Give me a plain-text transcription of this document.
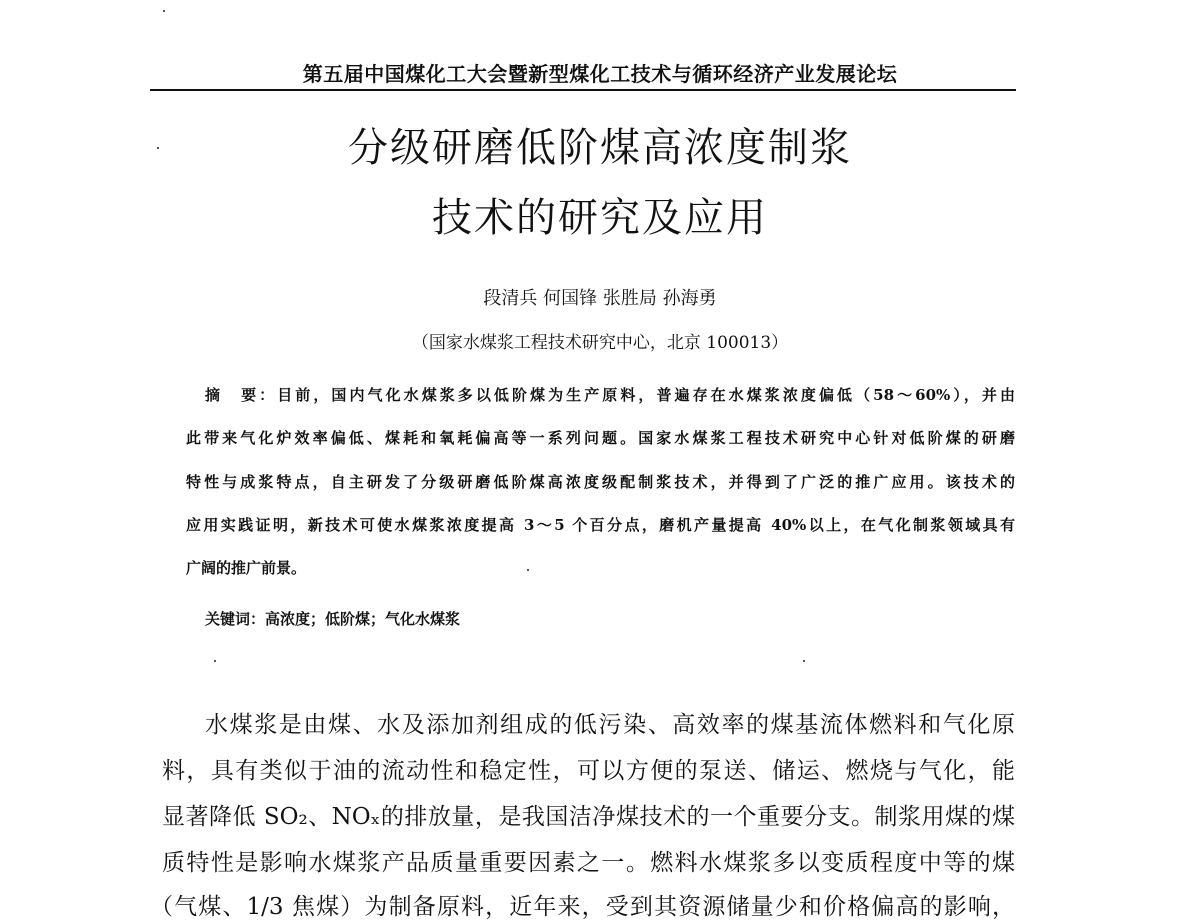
第五届中国煤化工大会暨新型煤化工技术与循环经济产业发展论坛
分级研磨低阶煤高浓度制浆
技术的研究及应用
段清兵 何国锋 张胜局 孙海勇
（国家水煤浆工程技术研究中心，北京 100013）
摘　要：目前，国内气化水煤浆多以低阶煤为生产原料，普遍存在水煤浆浓度偏低（58～60%），并由
此带来气化炉效率偏低、煤耗和氧耗偏高等一系列问题。国家水煤浆工程技术研究中心针对低阶煤的研磨
特性与成浆特点，自主研发了分级研磨低阶煤高浓度级配制浆技术，并得到了广泛的推广应用。该技术的
应用实践证明，新技术可使水煤浆浓度提高 3～5 个百分点，磨机产量提高 40%以上，在气化制浆领域具有
广阔的推广前景。
关键词：高浓度；低阶煤；气化水煤浆
水煤浆是由煤、水及添加剂组成的低污染、高效率的煤基流体燃料和气化原
料，具有类似于油的流动性和稳定性，可以方便的泵送、储运、燃烧与气化，能
显著降低 SO₂、NOₓ的排放量，是我国洁净煤技术的一个重要分支。制浆用煤的煤
质特性是影响水煤浆产品质量重要因素之一。燃料水煤浆多以变质程度中等的煤
（气煤、1/3 焦煤）为制备原料，近年来，受到其资源储量少和价格偏高的影响，
